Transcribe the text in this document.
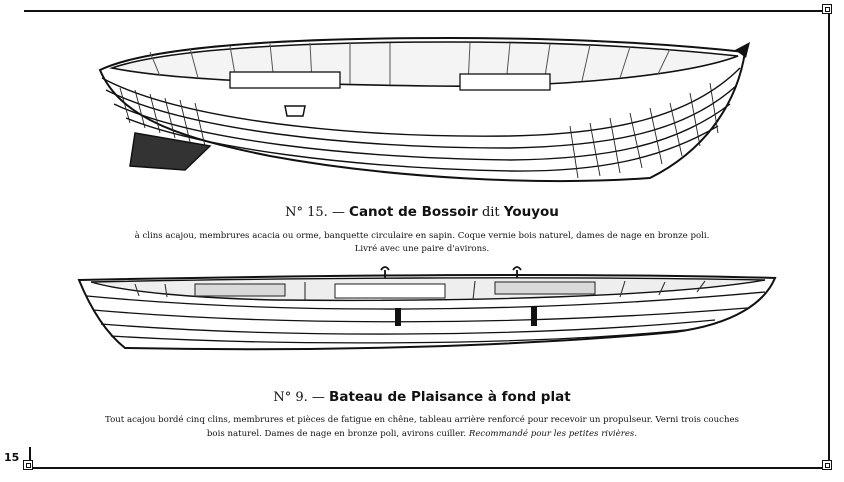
N° 15. — Canot de Bossoir dit Youyou
à clins acajou, membrures acacia ou orme, banquette circulaire en sapin. Coque vernie bois naturel, dames de nage en bronze poli.
Livré avec une paire d'avirons.
N° 9. — Bateau de Plaisance à fond plat
Tout acajou bordé cinq clins, membrures et pièces de fatigue en chêne, tableau arrière renforcé pour recevoir un propulseur. Verni trois couches
bois naturel. Dames de nage en bronze poli, avirons cuiller. Recommandé pour les petites rivières.
15
